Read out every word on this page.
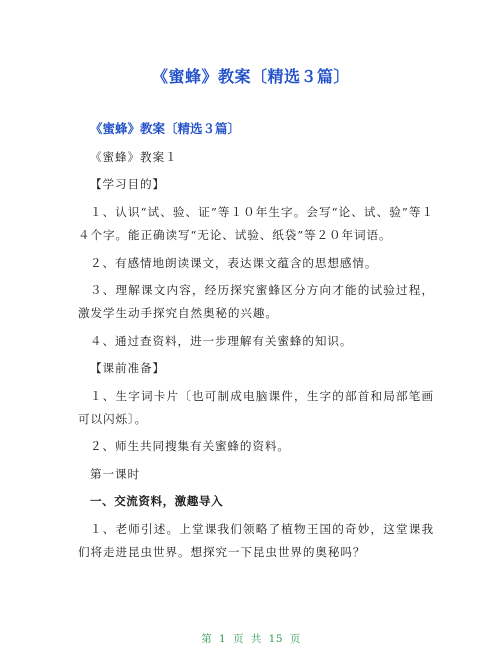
《蜜蜂》教案〔精选３篇〕
《蜜蜂》教案〔精选３篇〕

《蜜蜂》教案１

【学习目的】

１、认识“试、验、证”等１０年生字。会写“论、试、验”等１４个字。能正确读写“无论、试验、纸袋”等２０年词语。

２、有感情地朗读课文，表达课文蕴含的思想感情。

３、理解课文内容，经历探究蜜蜂区分方向才能的试验过程，激发学生动手探究自然奥秘的兴趣。

４、通过查资料，进一步理解有关蜜蜂的知识。

【课前准备】

１、生字词卡片〔也可制成电脑课件，生字的部首和局部笔画可以闪烁〕。

２、师生共同搜集有关蜜蜂的资料。

第一课时

一、交流资料，激趣导入

１、老师引述。上堂课我们领略了植物王国的奇妙，这堂课我们将走进昆虫世界。想探究一下昆虫世界的奥秘吗？

第 1 页 共 15 页
